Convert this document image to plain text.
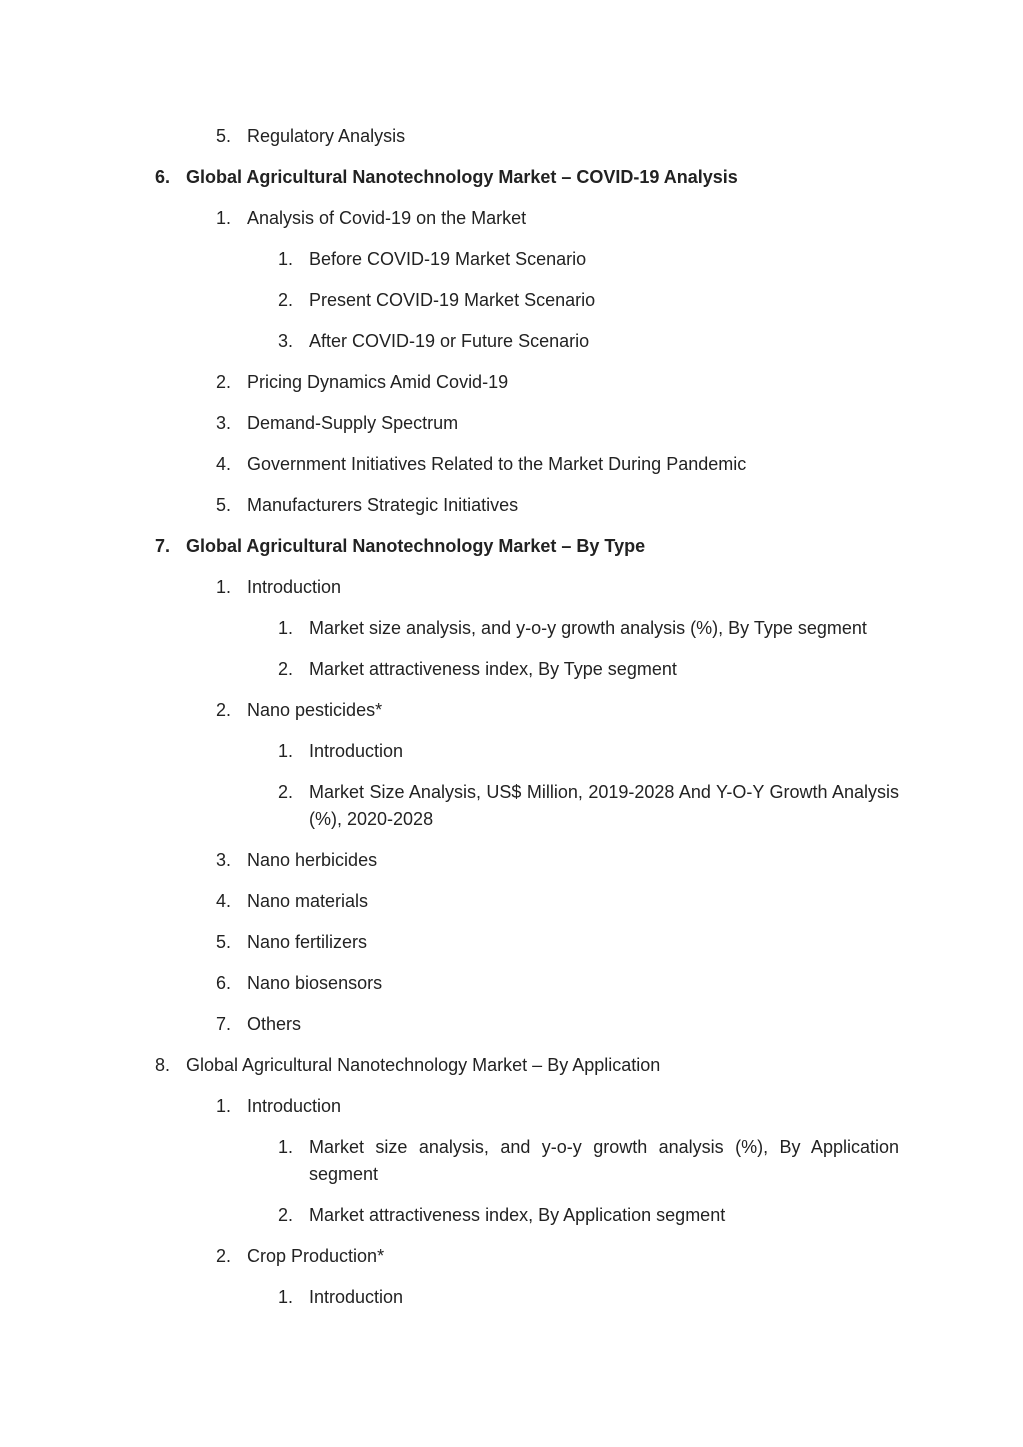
5. Regulatory Analysis
6. Global Agricultural Nanotechnology Market – COVID-19 Analysis
1. Analysis of Covid-19 on the Market
1. Before COVID-19 Market Scenario
2. Present COVID-19 Market Scenario
3. After COVID-19 or Future Scenario
2. Pricing Dynamics Amid Covid-19
3. Demand-Supply Spectrum
4. Government Initiatives Related to the Market During Pandemic
5. Manufacturers Strategic Initiatives
7. Global Agricultural Nanotechnology Market – By Type
1. Introduction
1. Market size analysis, and y-o-y growth analysis (%), By Type segment
2. Market attractiveness index, By Type segment
2. Nano pesticides*
1. Introduction
2. Market Size Analysis, US$ Million, 2019-2028 And Y-O-Y Growth Analysis (%), 2020-2028
3. Nano herbicides
4. Nano materials
5. Nano fertilizers
6. Nano biosensors
7. Others
8. Global Agricultural Nanotechnology Market – By Application
1. Introduction
1. Market size analysis, and y-o-y growth analysis (%), By Application segment
2. Market attractiveness index, By Application segment
2. Crop Production*
1. Introduction
